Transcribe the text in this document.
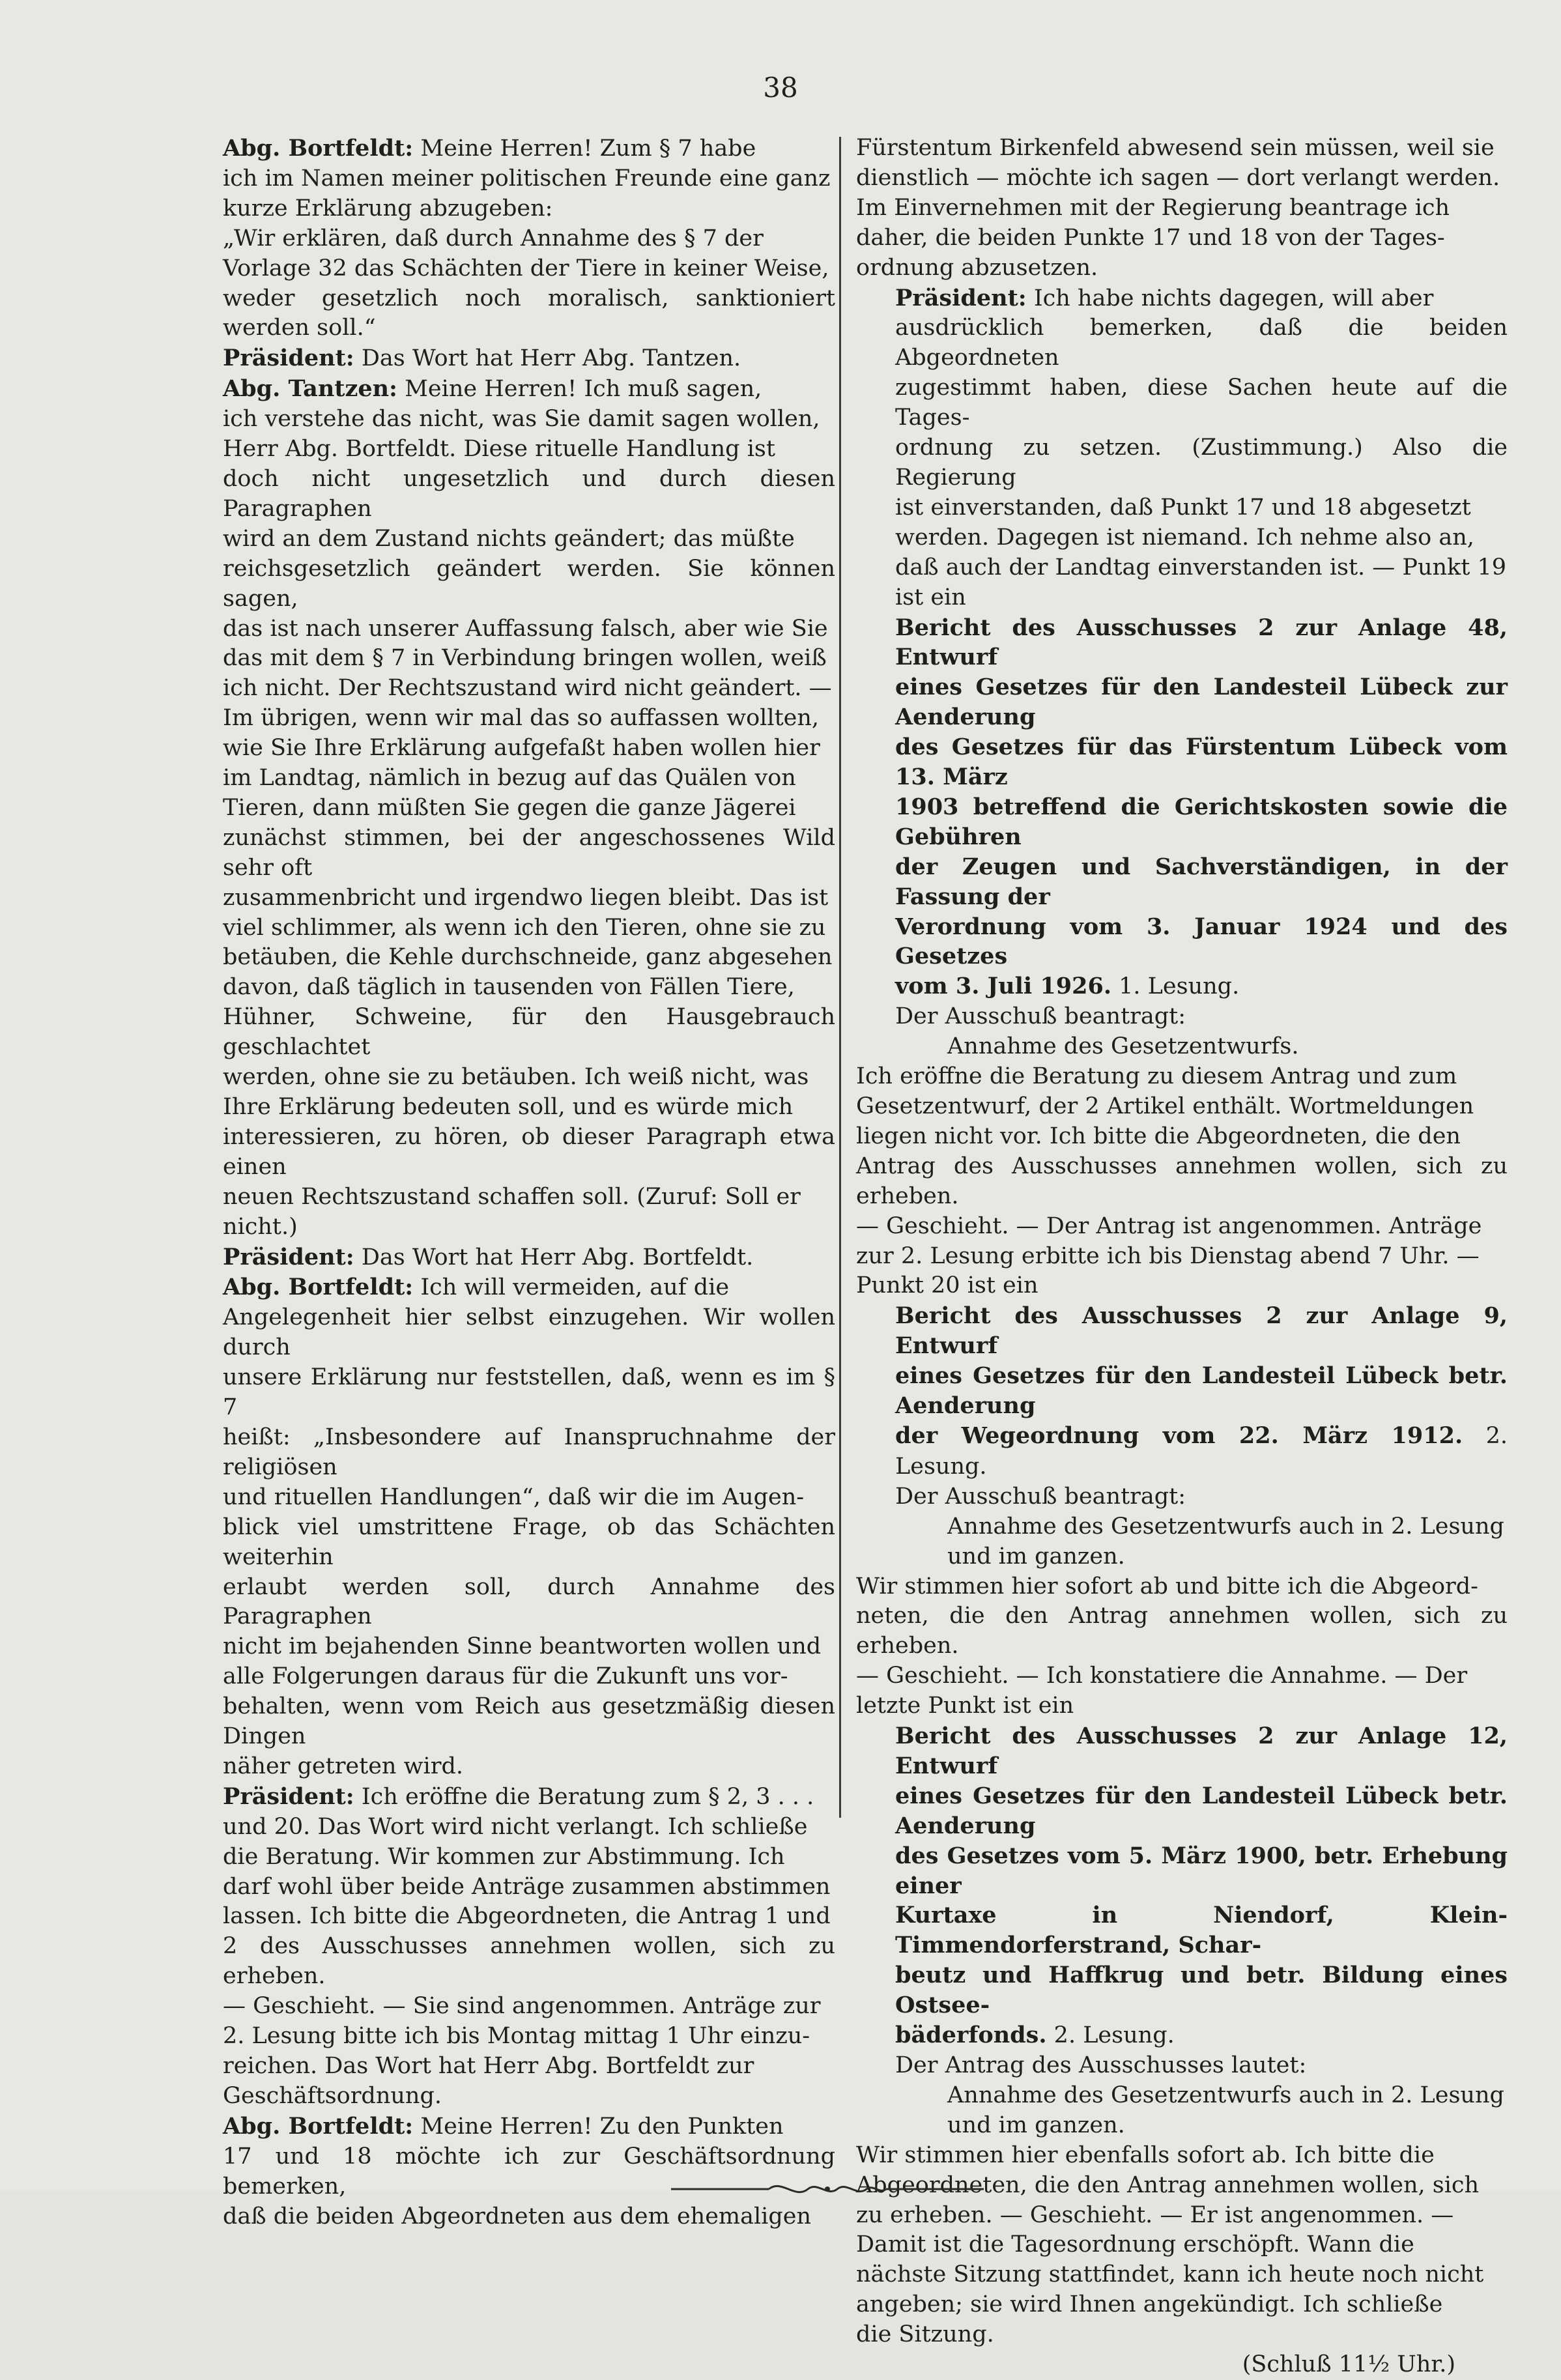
38

Abg. Bortfeldt: Meine Herren! Zum § 7 habe
ich im Namen meiner politischen Freunde eine ganz
kurze Erklärung abzugeben:

„Wir erklären, daß durch Annahme des § 7 der
Vorlage 32 das Schächten der Tiere in keiner Weise,
weder gesetzlich noch moralisch, sanktioniert werden soll.“

Präsident: Das Wort hat Herr Abg. Tantzen.

Abg. Tantzen: Meine Herren! Ich muß sagen,
ich verstehe das nicht, was Sie damit sagen wollen,
Herr Abg. Bortfeldt. Diese rituelle Handlung ist
doch nicht ungesetzlich und durch diesen Paragraphen
wird an dem Zustand nichts geändert; das müßte
reichsgesetzlich geändert werden. Sie können sagen,
das ist nach unserer Auffassung falsch, aber wie Sie
das mit dem § 7 in Verbindung bringen wollen, weiß
ich nicht. Der Rechtszustand wird nicht geändert. —
Im übrigen, wenn wir mal das so auffassen wollten,
wie Sie Ihre Erklärung aufgefaßt haben wollen hier
im Landtag, nämlich in bezug auf das Quälen von
Tieren, dann müßten Sie gegen die ganze Jägerei
zunächst stimmen, bei der angeschossenes Wild sehr oft
zusammenbricht und irgendwo liegen bleibt. Das ist
viel schlimmer, als wenn ich den Tieren, ohne sie zu
betäuben, die Kehle durchschneide, ganz abgesehen
davon, daß täglich in tausenden von Fällen Tiere,
Hühner, Schweine, für den Hausgebrauch geschlachtet
werden, ohne sie zu betäuben. Ich weiß nicht, was
Ihre Erklärung bedeuten soll, und es würde mich
interessieren, zu hören, ob dieser Paragraph etwa einen
neuen Rechtszustand schaffen soll. (Zuruf: Soll er
nicht.)

Präsident: Das Wort hat Herr Abg. Bortfeldt.

Abg. Bortfeldt: Ich will vermeiden, auf die
Angelegenheit hier selbst einzugehen. Wir wollen durch
unsere Erklärung nur feststellen, daß, wenn es im § 7
heißt: „Insbesondere auf Inanspruchnahme der religiösen
und rituellen Handlungen“, daß wir die im Augen-
blick viel umstrittene Frage, ob das Schächten weiterhin
erlaubt werden soll, durch Annahme des Paragraphen
nicht im bejahenden Sinne beantworten wollen und
alle Folgerungen daraus für die Zukunft uns vor-
behalten, wenn vom Reich aus gesetzmäßig diesen Dingen
näher getreten wird.

Präsident: Ich eröffne die Beratung zum § 2, 3 . . .
und 20. Das Wort wird nicht verlangt. Ich schließe
die Beratung. Wir kommen zur Abstimmung. Ich
darf wohl über beide Anträge zusammen abstimmen
lassen. Ich bitte die Abgeordneten, die Antrag 1 und
2 des Ausschusses annehmen wollen, sich zu erheben.
— Geschieht. — Sie sind angenommen. Anträge zur
2. Lesung bitte ich bis Montag mittag 1 Uhr einzu-
reichen. Das Wort hat Herr Abg. Bortfeldt zur
Geschäftsordnung.

Abg. Bortfeldt: Meine Herren! Zu den Punkten
17 und 18 möchte ich zur Geschäftsordnung bemerken,
daß die beiden Abgeordneten aus dem ehemaligen

Fürstentum Birkenfeld abwesend sein müssen, weil sie
dienstlich — möchte ich sagen — dort verlangt werden.
Im Einvernehmen mit der Regierung beantrage ich
daher, die beiden Punkte 17 und 18 von der Tages-
ordnung abzusetzen.

Präsident: Ich habe nichts dagegen, will aber
ausdrücklich bemerken, daß die beiden Abgeordneten
zugestimmt haben, diese Sachen heute auf die Tages-
ordnung zu setzen. (Zustimmung.) Also die Regierung
ist einverstanden, daß Punkt 17 und 18 abgesetzt
werden. Dagegen ist niemand. Ich nehme also an,
daß auch der Landtag einverstanden ist. — Punkt 19
ist ein

Bericht des Ausschusses 2 zur Anlage 48, Entwurf
eines Gesetzes für den Landesteil Lübeck zur Aenderung
des Gesetzes für das Fürstentum Lübeck vom 13. März
1903 betreffend die Gerichtskosten sowie die Gebühren
der Zeugen und Sachverständigen, in der Fassung der
Verordnung vom 3. Januar 1924 und des Gesetzes
vom 3. Juli 1926. 1. Lesung.

Der Ausschuß beantragt:

Annahme des Gesetzentwurfs.

Ich eröffne die Beratung zu diesem Antrag und zum
Gesetzentwurf, der 2 Artikel enthält. Wortmeldungen
liegen nicht vor. Ich bitte die Abgeordneten, die den
Antrag des Ausschusses annehmen wollen, sich zu erheben.
— Geschieht. — Der Antrag ist angenommen. Anträge
zur 2. Lesung erbitte ich bis Dienstag abend 7 Uhr. —
Punkt 20 ist ein

Bericht des Ausschusses 2 zur Anlage 9, Entwurf
eines Gesetzes für den Landesteil Lübeck betr. Aenderung
der Wegeordnung vom 22. März 1912. 2. Lesung.

Der Ausschuß beantragt:

Annahme des Gesetzentwurfs auch in 2. Lesung
und im ganzen.

Wir stimmen hier sofort ab und bitte ich die Abgeord-
neten, die den Antrag annehmen wollen, sich zu erheben.
— Geschieht. — Ich konstatiere die Annahme. — Der
letzte Punkt ist ein

Bericht des Ausschusses 2 zur Anlage 12, Entwurf
eines Gesetzes für den Landesteil Lübeck betr. Aenderung
des Gesetzes vom 5. März 1900, betr. Erhebung einer
Kurtaxe in Niendorf, Klein-Timmendorferstrand, Schar-
beutz und Haffkrug und betr. Bildung eines Ostsee-
bäderfonds. 2. Lesung.

Der Antrag des Ausschusses lautet:

Annahme des Gesetzentwurfs auch in 2. Lesung
und im ganzen.

Wir stimmen hier ebenfalls sofort ab. Ich bitte die
Abgeordneten, die den Antrag annehmen wollen, sich
zu erheben. — Geschieht. — Er ist angenommen. —
Damit ist die Tagesordnung erschöpft. Wann die
nächste Sitzung stattfindet, kann ich heute noch nicht
angeben; sie wird Ihnen angekündigt. Ich schließe
die Sitzung.

(Schluß 11½ Uhr.)
